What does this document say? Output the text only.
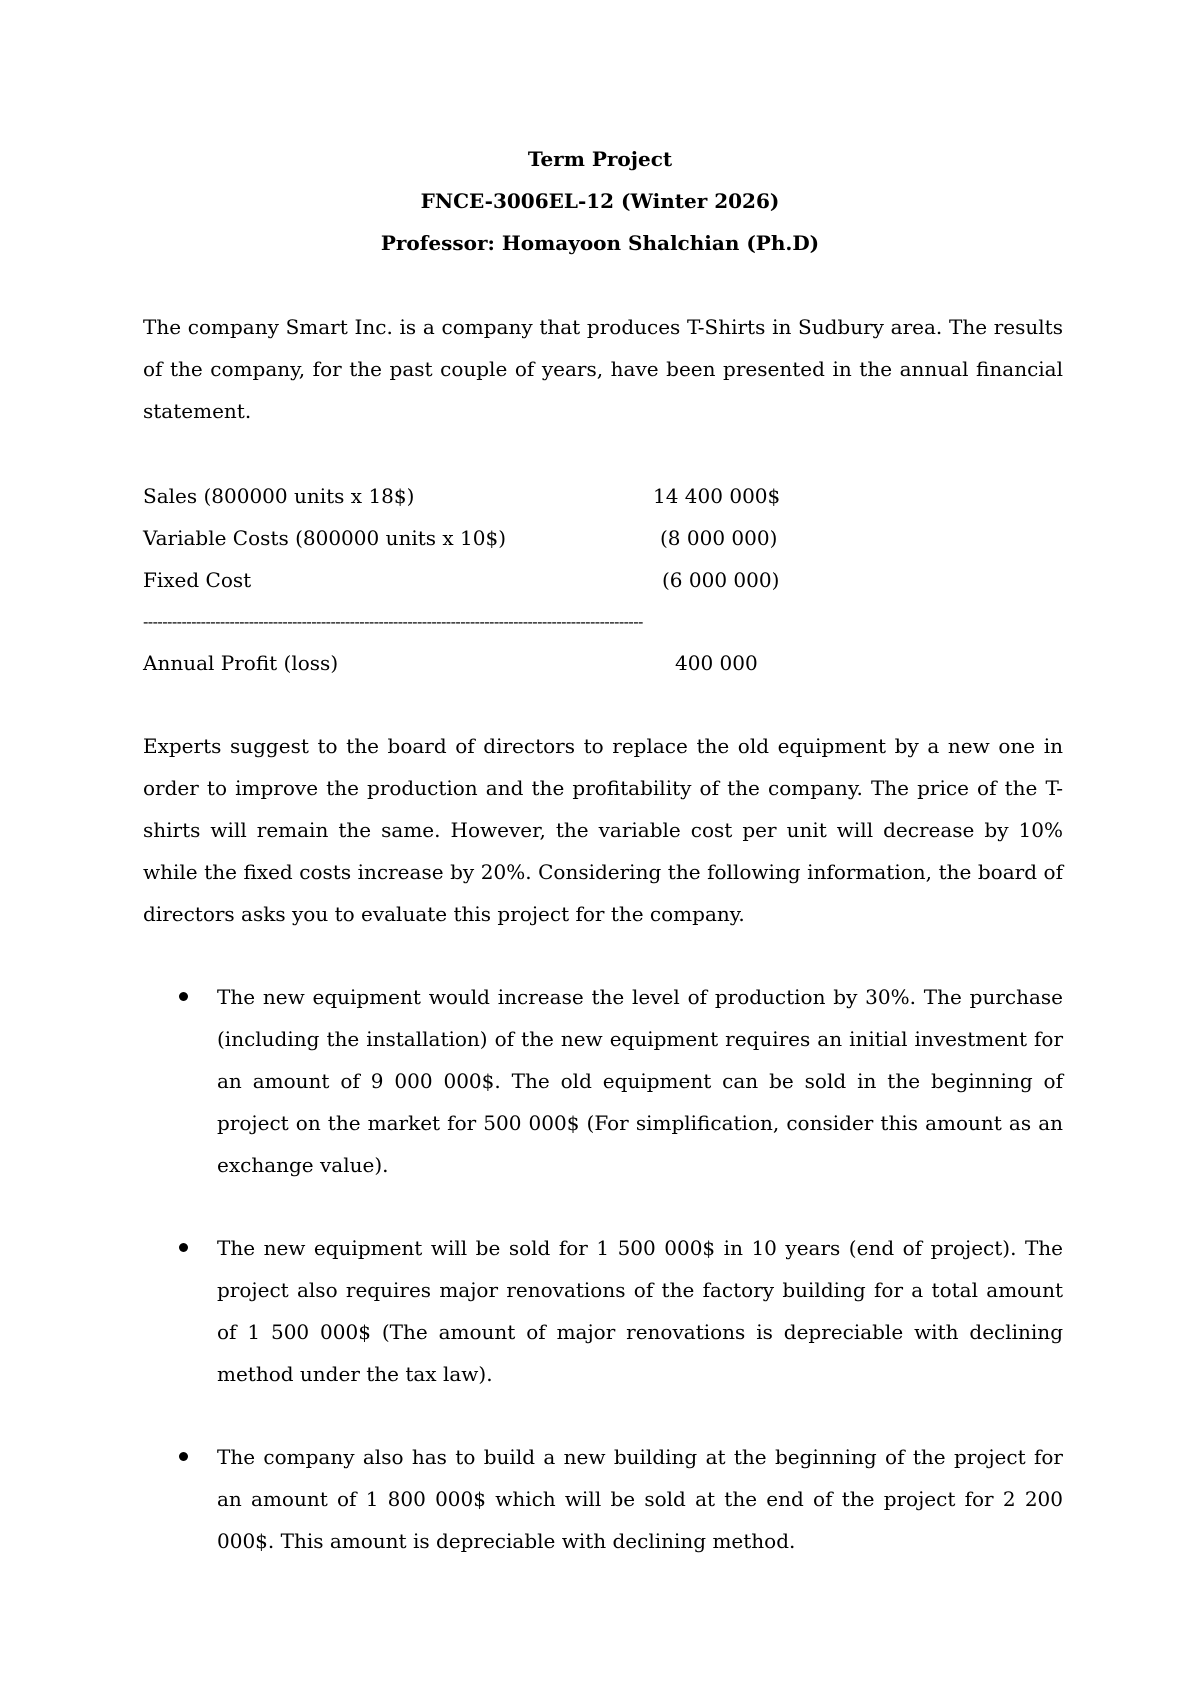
Term Project
FNCE-3006EL-12 (Winter 2026)
Professor: Homayoon Shalchian (Ph.D)

The company Smart Inc. is a company that produces T-Shirts in Sudbury area. The results of the company, for the past couple of years, have been presented in the annual financial statement.

Sales (800000 units x 18$)	14 400 000$
Variable Costs (800000 units x 10$)	(8 000 000)
Fixed Cost	(6 000 000)
--------------------------------------------------------------------------------------------------------
Annual Profit (loss)	400 000

Experts suggest to the board of directors to replace the old equipment by a new one in order to improve the production and the profitability of the company. The price of the T-shirts will remain the same. However, the variable cost per unit will decrease by 10% while the fixed costs increase by 20%. Considering the following information, the board of directors asks you to evaluate this project for the company.

The new equipment would increase the level of production by 30%. The purchase (including the installation) of the new equipment requires an initial investment for an amount of 9 000 000$. The old equipment can be sold in the beginning of project on the market for 500 000$ (For simplification, consider this amount as an exchange value).

The new equipment will be sold for 1 500 000$ in 10 years (end of project). The project also requires major renovations of the factory building for a total amount of 1 500 000$ (The amount of major renovations is depreciable with declining method under the tax law).

The company also has to build a new building at the beginning of the project for an amount of 1 800 000$ which will be sold at the end of the project for 2 200 000$. This amount is depreciable with declining method.
